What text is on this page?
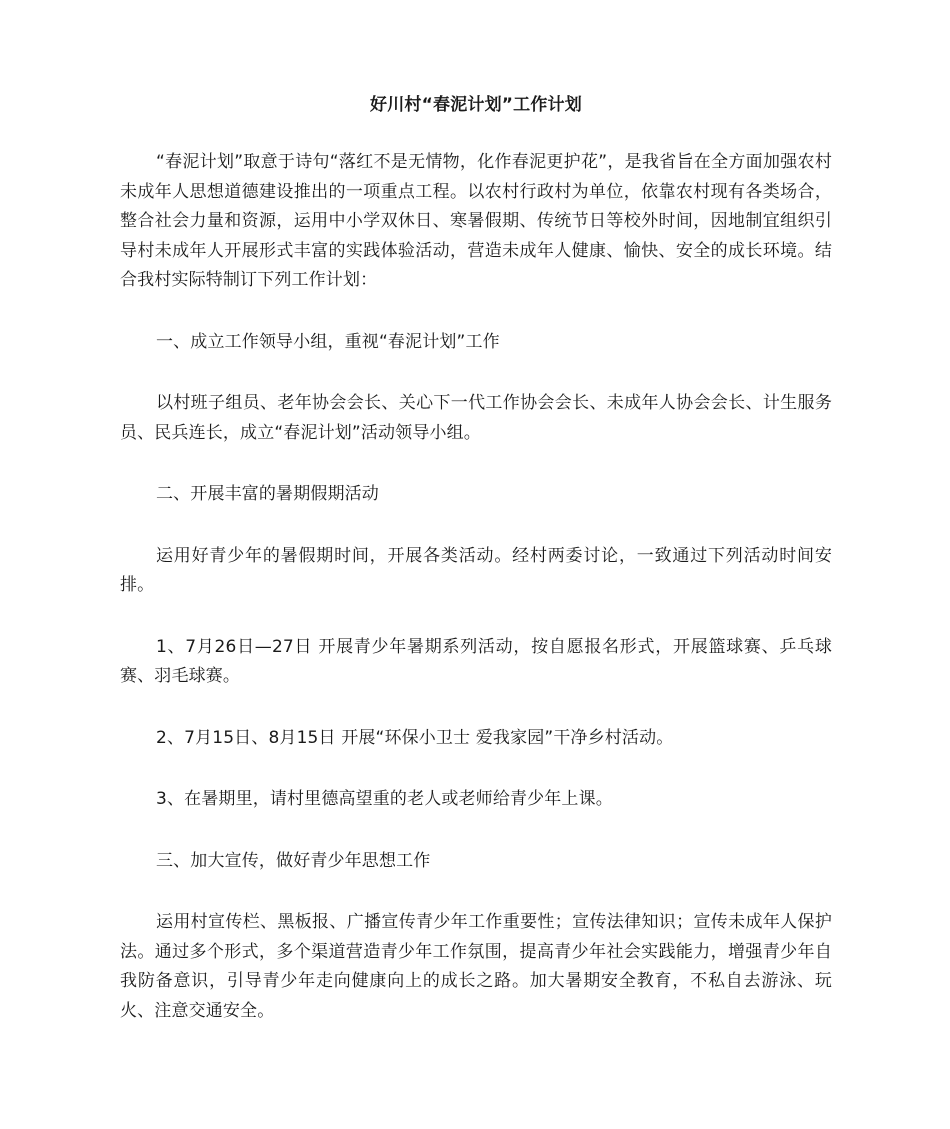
好川村“春泥计划”工作计划

“春泥计划”取意于诗句“落红不是无情物，化作春泥更护花”，是我省旨在全方面加强农村未成年人思想道德建设推出的一项重点工程。以农村行政村为单位，依靠农村现有各类场合，整合社会力量和资源，运用中小学双休日、寒暑假期、传统节日等校外时间，因地制宜组织引导村未成年人开展形式丰富的实践体验活动，营造未成年人健康、愉快、安全的成长环境。结合我村实际特制订下列工作计划：

一、成立工作领导小组，重视“春泥计划”工作

以村班子组员、老年协会会长、关心下一代工作协会会长、未成年人协会会长、计生服务员、民兵连长，成立“春泥计划”活动领导小组。

二、开展丰富的暑期假期活动

运用好青少年的暑假期时间，开展各类活动。经村两委讨论，一致通过下列活动时间安排。

1、7月26日—27日 开展青少年暑期系列活动，按自愿报名形式，开展篮球赛、乒乓球赛、羽毛球赛。

2、7月15日、8月15日 开展“环保小卫士 爱我家园”干净乡村活动。

3、在暑期里，请村里德高望重的老人或老师给青少年上课。

三、加大宣传，做好青少年思想工作

运用村宣传栏、黑板报、广播宣传青少年工作重要性；宣传法律知识；宣传未成年人保护法。通过多个形式，多个渠道营造青少年工作氛围，提高青少年社会实践能力，增强青少年自我防备意识，引导青少年走向健康向上的成长之路。加大暑期安全教育，不私自去游泳、玩火、注意交通安全。
